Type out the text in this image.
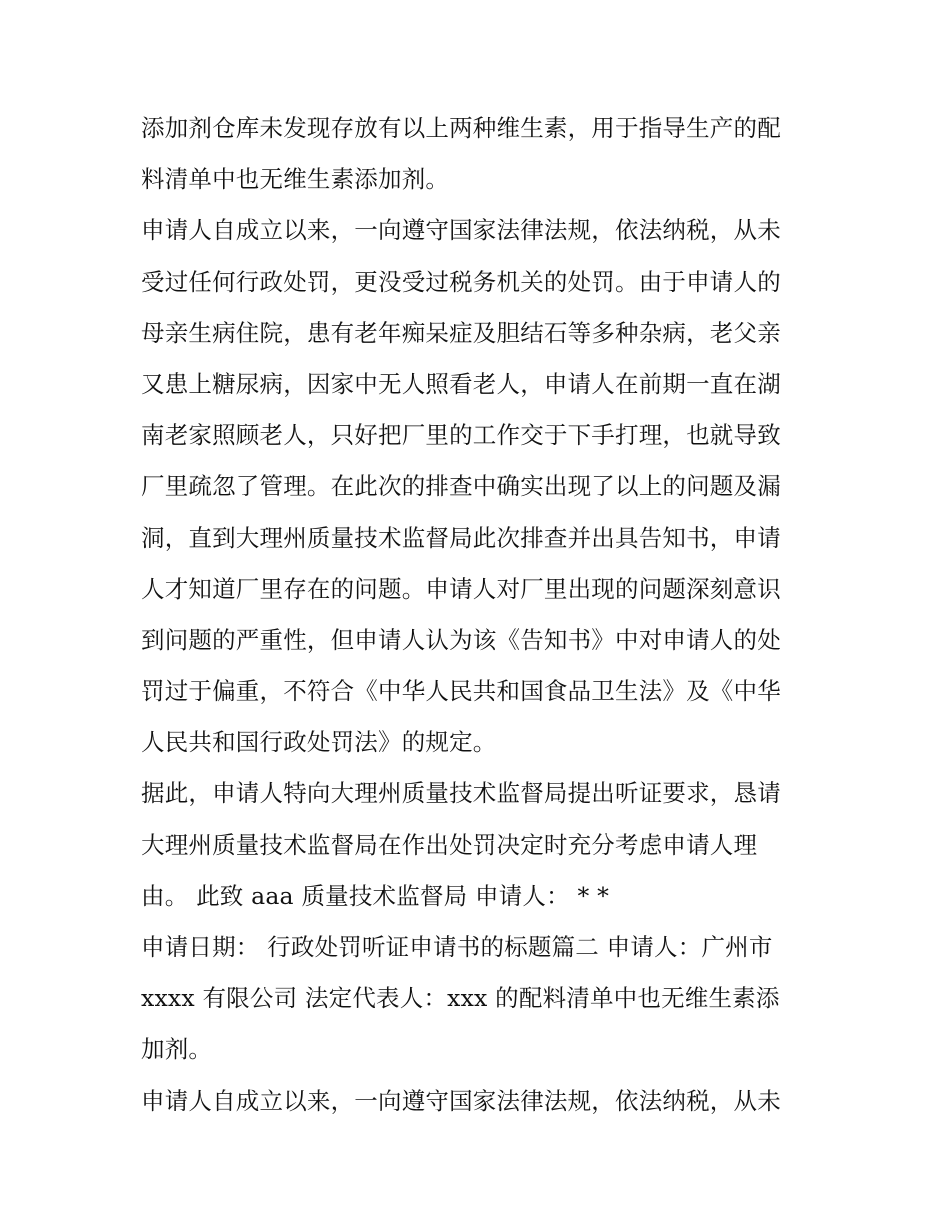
添加剂仓库未发现存放有以上两种维生素，用于指导生产的配
料清单中也无维生素添加剂。
申请人自成立以来，一向遵守国家法律法规，依法纳税，从未
受过任何行政处罚，更没受过税务机关的处罚。由于申请人的
母亲生病住院，患有老年痴呆症及胆结石等多种杂病，老父亲
又患上糖尿病，因家中无人照看老人，申请人在前期一直在湖
南老家照顾老人，只好把厂里的工作交于下手打理，也就导致
厂里疏忽了管理。在此次的排查中确实出现了以上的问题及漏
洞，直到大理州质量技术监督局此次排查并出具告知书，申请
人才知道厂里存在的问题。申请人对厂里出现的问题深刻意识
到问题的严重性，但申请人认为该《告知书》中对申请人的处
罚过于偏重，不符合《中华人民共和国食品卫生法》及《中华
人民共和国行政处罚法》的规定。
据此，申请人特向大理州质量技术监督局提出听证要求，恳请
大理州质量技术监督局在作出处罚决定时充分考虑申请人理
由。 此致 aaa 质量技术监督局 申请人： * *
申请日期： 行政处罚听证申请书的标题篇二 申请人：广州市
xxxx 有限公司 法定代表人：xxx 的配料清单中也无维生素添
加剂。
申请人自成立以来，一向遵守国家法律法规，依法纳税，从未
